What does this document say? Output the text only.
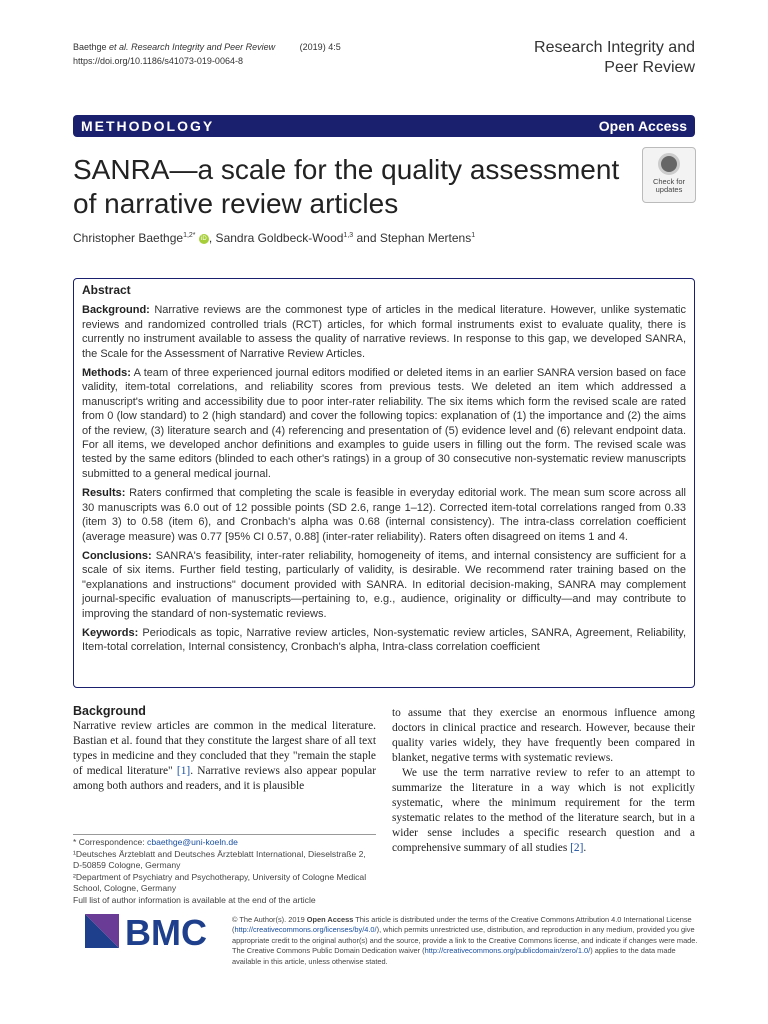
Baethge et al. Research Integrity and Peer Review	(2019) 4:5
https://doi.org/10.1186/s41073-019-0064-8
Research Integrity and
Peer Review
METHODOLOGY	Open Access
SANRA—a scale for the quality assessment of narrative review articles
Check for
updates
Christopher Baethge$^{1,2*}$ iD , Sandra Goldbeck-Wood$^{1,3}$ and Stephan Mertens$^1$
Abstract

Background: Narrative reviews are the commonest type of articles in the medical literature. However, unlike systematic reviews and randomized controlled trials (RCT) articles, for which formal instruments exist to evaluate quality, there is currently no instrument available to assess the quality of narrative reviews. In response to this gap, we developed SANRA, the Scale for the Assessment of Narrative Review Articles.

Methods: A team of three experienced journal editors modified or deleted items in an earlier SANRA version based on face validity, item-total correlations, and reliability scores from previous tests. We deleted an item which addressed a manuscript's writing and accessibility due to poor inter-rater reliability. The six items which form the revised scale are rated from 0 (low standard) to 2 (high standard) and cover the following topics: explanation of (1) the importance and (2) the aims of the review, (3) literature search and (4) referencing and presentation of (5) evidence level and (6) relevant endpoint data. For all items, we developed anchor definitions and examples to guide users in filling out the form. The revised scale was tested by the same editors (blinded to each other's ratings) in a group of 30 consecutive non-systematic review manuscripts submitted to a general medical journal.

Results: Raters confirmed that completing the scale is feasible in everyday editorial work. The mean sum score across all 30 manuscripts was 6.0 out of 12 possible points (SD 2.6, range 1–12). Corrected item-total correlations ranged from 0.33 (item 3) to 0.58 (item 6), and Cronbach's alpha was 0.68 (internal consistency). The intra-class correlation coefficient (average measure) was 0.77 [95% CI 0.57, 0.88] (inter-rater reliability). Raters often disagreed on items 1 and 4.

Conclusions: SANRA's feasibility, inter-rater reliability, homogeneity of items, and internal consistency are sufficient for a scale of six items. Further field testing, particularly of validity, is desirable. We recommend rater training based on the "explanations and instructions" document provided with SANRA. In editorial decision-making, SANRA may complement journal-specific evaluation of manuscripts—pertaining to, e.g., audience, originality or difficulty—and may contribute to improving the standard of non-systematic reviews.

Keywords: Periodicals as topic, Narrative review articles, Non-systematic review articles, SANRA, Agreement, Reliability, Item-total correlation, Internal consistency, Cronbach's alpha, Intra-class correlation coefficient

Background

Narrative review articles are common in the medical literature. Bastian et al. found that they constitute the largest share of all text types in medicine and they concluded that they "remain the staple of medical literature" [1]. Narrative reviews also appear popular among both authors and readers, and it is plausible

to assume that they exercise an enormous influence among doctors in clinical practice and research. However, because their quality varies widely, they have frequently been compared in blanket, negative terms with systematic reviews.

We use the term narrative review to refer to an attempt to summarize the literature in a way which is not explicitly systematic, where the minimum requirement for the term systematic relates to the method of the literature search, but in a wider sense includes a specific research question and a comprehensive summary of all studies [2].

* Correspondence: cbaethge@uni-koeln.de
¹Deutsches Ärzteblatt and Deutsches Ärzteblatt International, Dieselstraße 2, D-50859 Cologne, Germany
²Department of Psychiatry and Psychotherapy, University of Cologne Medical School, Cologne, Germany
Full list of author information is available at the end of the article
BMC	© The Author(s). 2019 Open Access This article is distributed under the terms of the Creative Commons Attribution 4.0 International License (http://creativecommons.org/licenses/by/4.0/), which permits unrestricted use, distribution, and reproduction in any medium, provided you give appropriate credit to the original author(s) and the source, provide a link to the Creative Commons license, and indicate if changes were made. The Creative Commons Public Domain Dedication waiver (http://creativecommons.org/publicdomain/zero/1.0/) applies to the data made available in this article, unless otherwise stated.
